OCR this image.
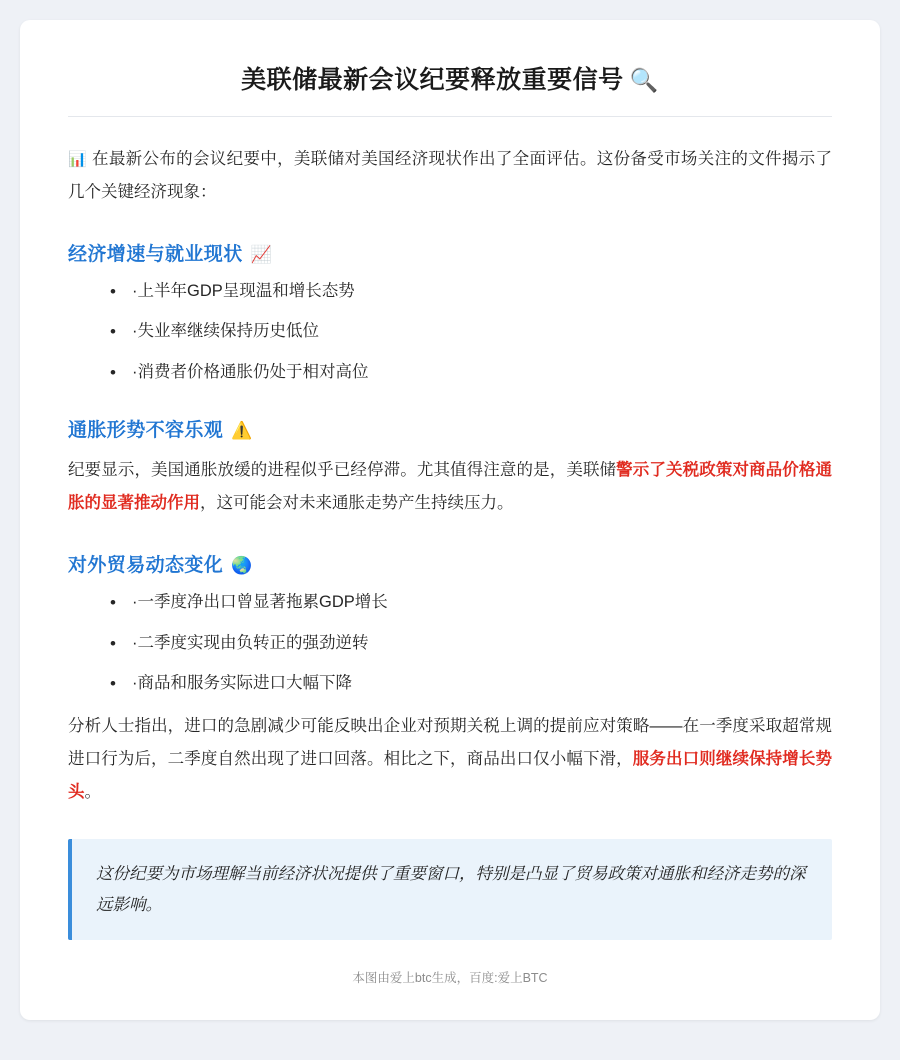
美联储最新会议纪要释放重要信号 🔍

📊 在最新公布的会议纪要中，美联储对美国经济现状作出了全面评估。这份备受市场关注的文件揭示了几个关键经济现象：

经济增速与就业现状 📈
• ·上半年GDP呈现温和增长态势
• ·失业率继续保持历史低位
• ·消费者价格通胀仍处于相对高位
通胀形势不容乐观 ⚠️

纪要显示，美国通胀放缓的进程似乎已经停滞。尤其值得注意的是，美联储警示了关税政策对商品价格通胀的显著推动作用，这可能会对未来通胀走势产生持续压力。

对外贸易动态变化 🌏
• ·一季度净出口曾显著拖累GDP增长
• ·二季度实现由负转正的强劲逆转
• ·商品和服务实际进口大幅下降

分析人士指出，进口的急剧减少可能反映出企业对预期关税上调的提前应对策略——在一季度采取超常规进口行为后，二季度自然出现了进口回落。相比之下，商品出口仅小幅下滑，服务出口则继续保持增长势头。

这份纪要为市场理解当前经济状况提供了重要窗口，特别是凸显了贸易政策对通胀和经济走势的深远影响。

本图由爱上btc生成，百度:爱上BTC
